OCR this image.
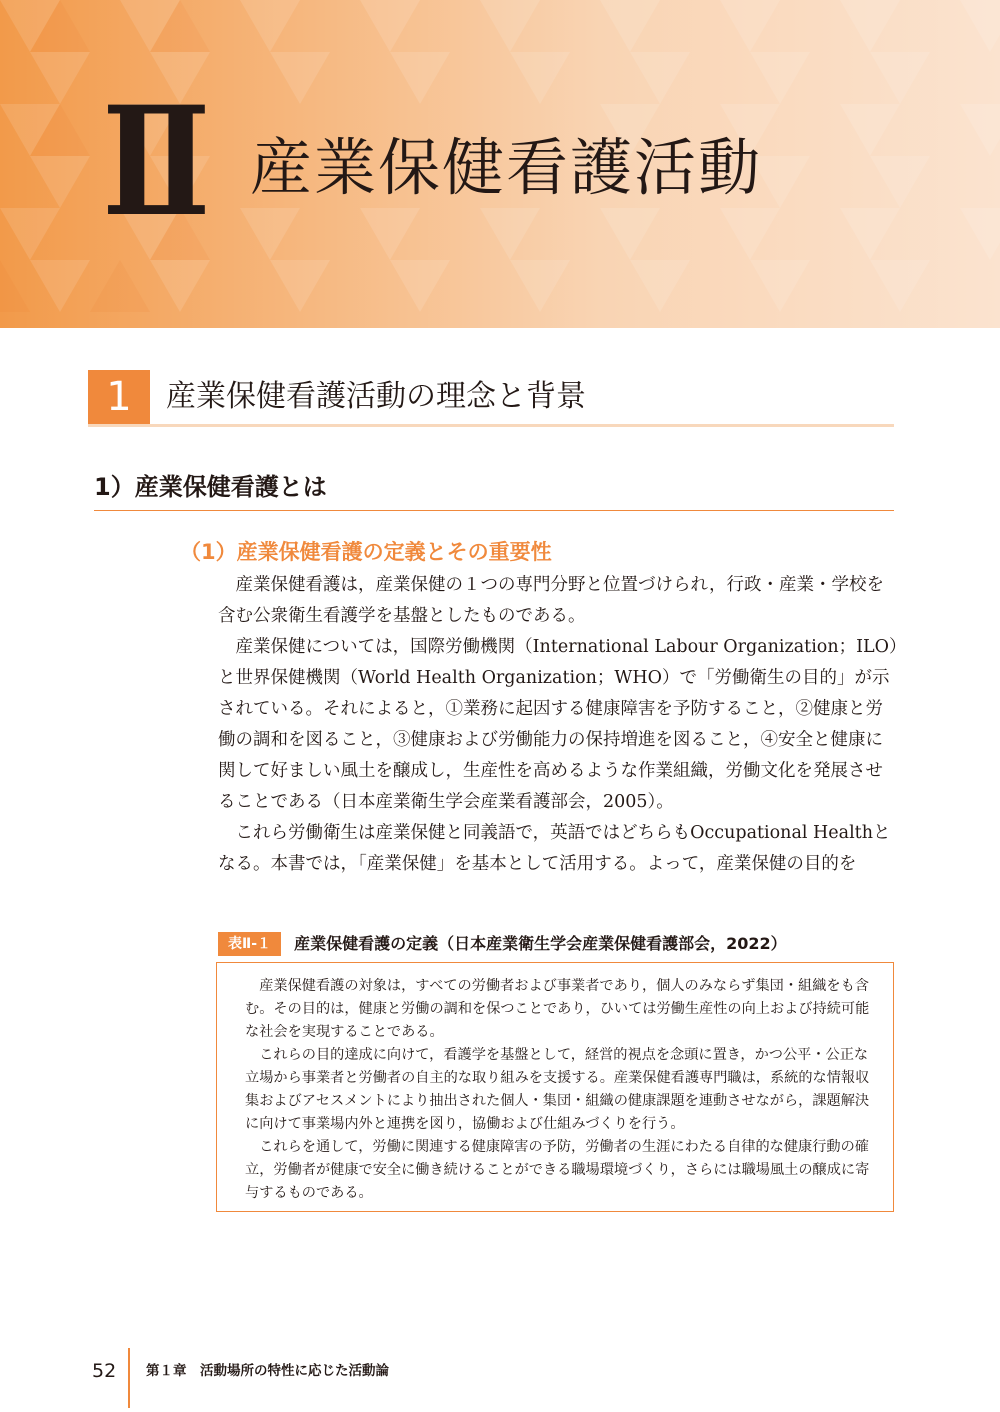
Ⅱ 産業保健看護活動
1	産業保健看護活動の理念と背景
1）産業保健看護とは
（1）産業保健看護の定義とその重要性

産業保健看護は，産業保健の１つの専門分野と位置づけられ，行政・産業・学校を含む公衆衛生看護学を基盤としたものである。

産業保健については，国際労働機関（International Labour Organization；ILO）と世界保健機関（World Health Organization；WHO）で「労働衛生の目的」が示されている。それによると，①業務に起因する健康障害を予防すること，②健康と労働の調和を図ること，③健康および労働能力の保持増進を図ること，④安全と健康に関して好ましい風土を醸成し，生産性を高めるような作業組織，労働文化を発展させることである（日本産業衛生学会産業看護部会，2005）。

これら労働衛生は産業保健と同義語で，英語ではどちらもOccupational Healthとなる。本書では，「産業保健」を基本として活用する。よって，産業保健の目的を

表Ⅱ-１ 産業保健看護の定義（日本産業衛生学会産業保健看護部会，2022）

産業保健看護の対象は，すべての労働者および事業者であり，個人のみならず集団・組織をも含む。その目的は，健康と労働の調和を保つことであり，ひいては労働生産性の向上および持続可能な社会を実現することである。

これらの目的達成に向けて，看護学を基盤として，経営的視点を念頭に置き，かつ公平・公正な立場から事業者と労働者の自主的な取り組みを支援する。産業保健看護専門職は，系統的な情報収集およびアセスメントにより抽出された個人・集団・組織の健康課題を連動させながら，課題解決に向けて事業場内外と連携を図り，協働および仕組みづくりを行う。

これらを通して，労働に関連する健康障害の予防，労働者の生涯にわたる自律的な健康行動の確立，労働者が健康で安全に働き続けることができる職場環境づくり，さらには職場風土の醸成に寄与するものである。

52 第１章　活動場所の特性に応じた活動論
